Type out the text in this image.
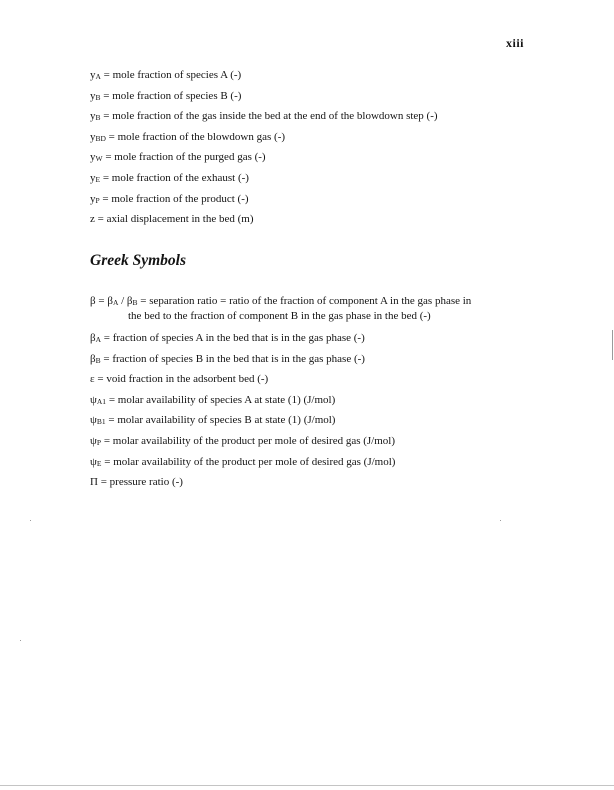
xiii
$y_A$ = mole fraction of species A (-)
$y_B$ = mole fraction of species B (-)
$y_B$ = mole fraction of the gas inside the bed at the end of the blowdown step (-)
$y_{BD}$ = mole fraction of the blowdown gas (-)
$y_W$ = mole fraction of the purged gas (-)
$y_E$ = mole fraction of the exhaust (-)
$y_P$ = mole fraction of the product (-)
z = axial displacement in the bed (m)
Greek Symbols
$\beta = \beta_A / \beta_B$ = separation ratio = ratio of the fraction of component A in the gas phase in
the bed to the fraction of component B in the gas phase in the bed (-)
$\beta_A$ = fraction of species A in the bed that is in the gas phase (-)
$\beta_B$ = fraction of species B in the bed that is in the gas phase (-)
ε = void fraction in the adsorbent bed (-)
$\psi_{A1}$ = molar availability of species A at state (1) (J/mol)
$\psi_{B1}$ = molar availability of species B at state (1) (J/mol)
$\psi_P$ = molar availability of the product per mole of desired gas (J/mol)
$\psi_E$ = molar availability of the product per mole of desired gas (J/mol)
Π = pressure ratio (-)
